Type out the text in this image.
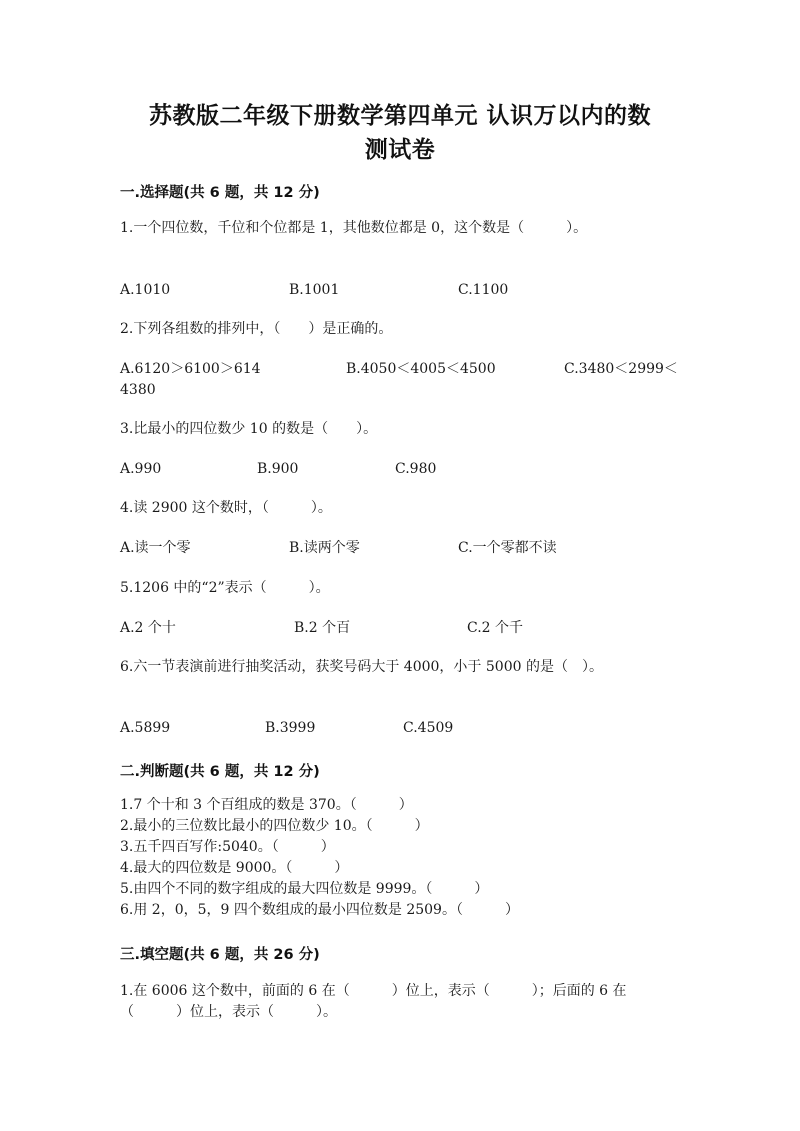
苏教版二年级下册数学第四单元 认识万以内的数
测试卷
一.选择题(共 6 题，共 12 分)
1.一个四位数，千位和个位都是 1，其他数位都是 0，这个数是（　　　）。
A.1010	B.1001	C.1100
2.下列各组数的排列中，（　　）是正确的。
A.6120＞6100＞614	B.4050＜4005＜4500	C.3480＜2999＜
4380
3.比最小的四位数少 10 的数是（　　）。
A.990	B.900	C.980
4.读 2900 这个数时，（　　　）。
A.读一个零	B.读两个零	C.一个零都不读
5.1206 中的“2”表示（　　　）。
A.2 个十	B.2 个百	C.2 个千
6.六一节表演前进行抽奖活动，获奖号码大于 4000，小于 5000 的是（　）。
A.5899	B.3999	C.4509
二.判断题(共 6 题，共 12 分)
1.7 个十和 3 个百组成的数是 370。（　　　）
2.最小的三位数比最小的四位数少 10。（　　　）
3.五千四百写作:5040。（　　　）
4.最大的四位数是 9000。（　　　）
5.由四个不同的数字组成的最大四位数是 9999。（　　　）
6.用 2，0，5，9 四个数组成的最小四位数是 2509。（　　　）
三.填空题(共 6 题，共 26 分)
1.在 6006 这个数中，前面的 6 在（　　　）位上，表示（　　　）；后面的 6 在
（　　　）位上，表示（　　　）。
